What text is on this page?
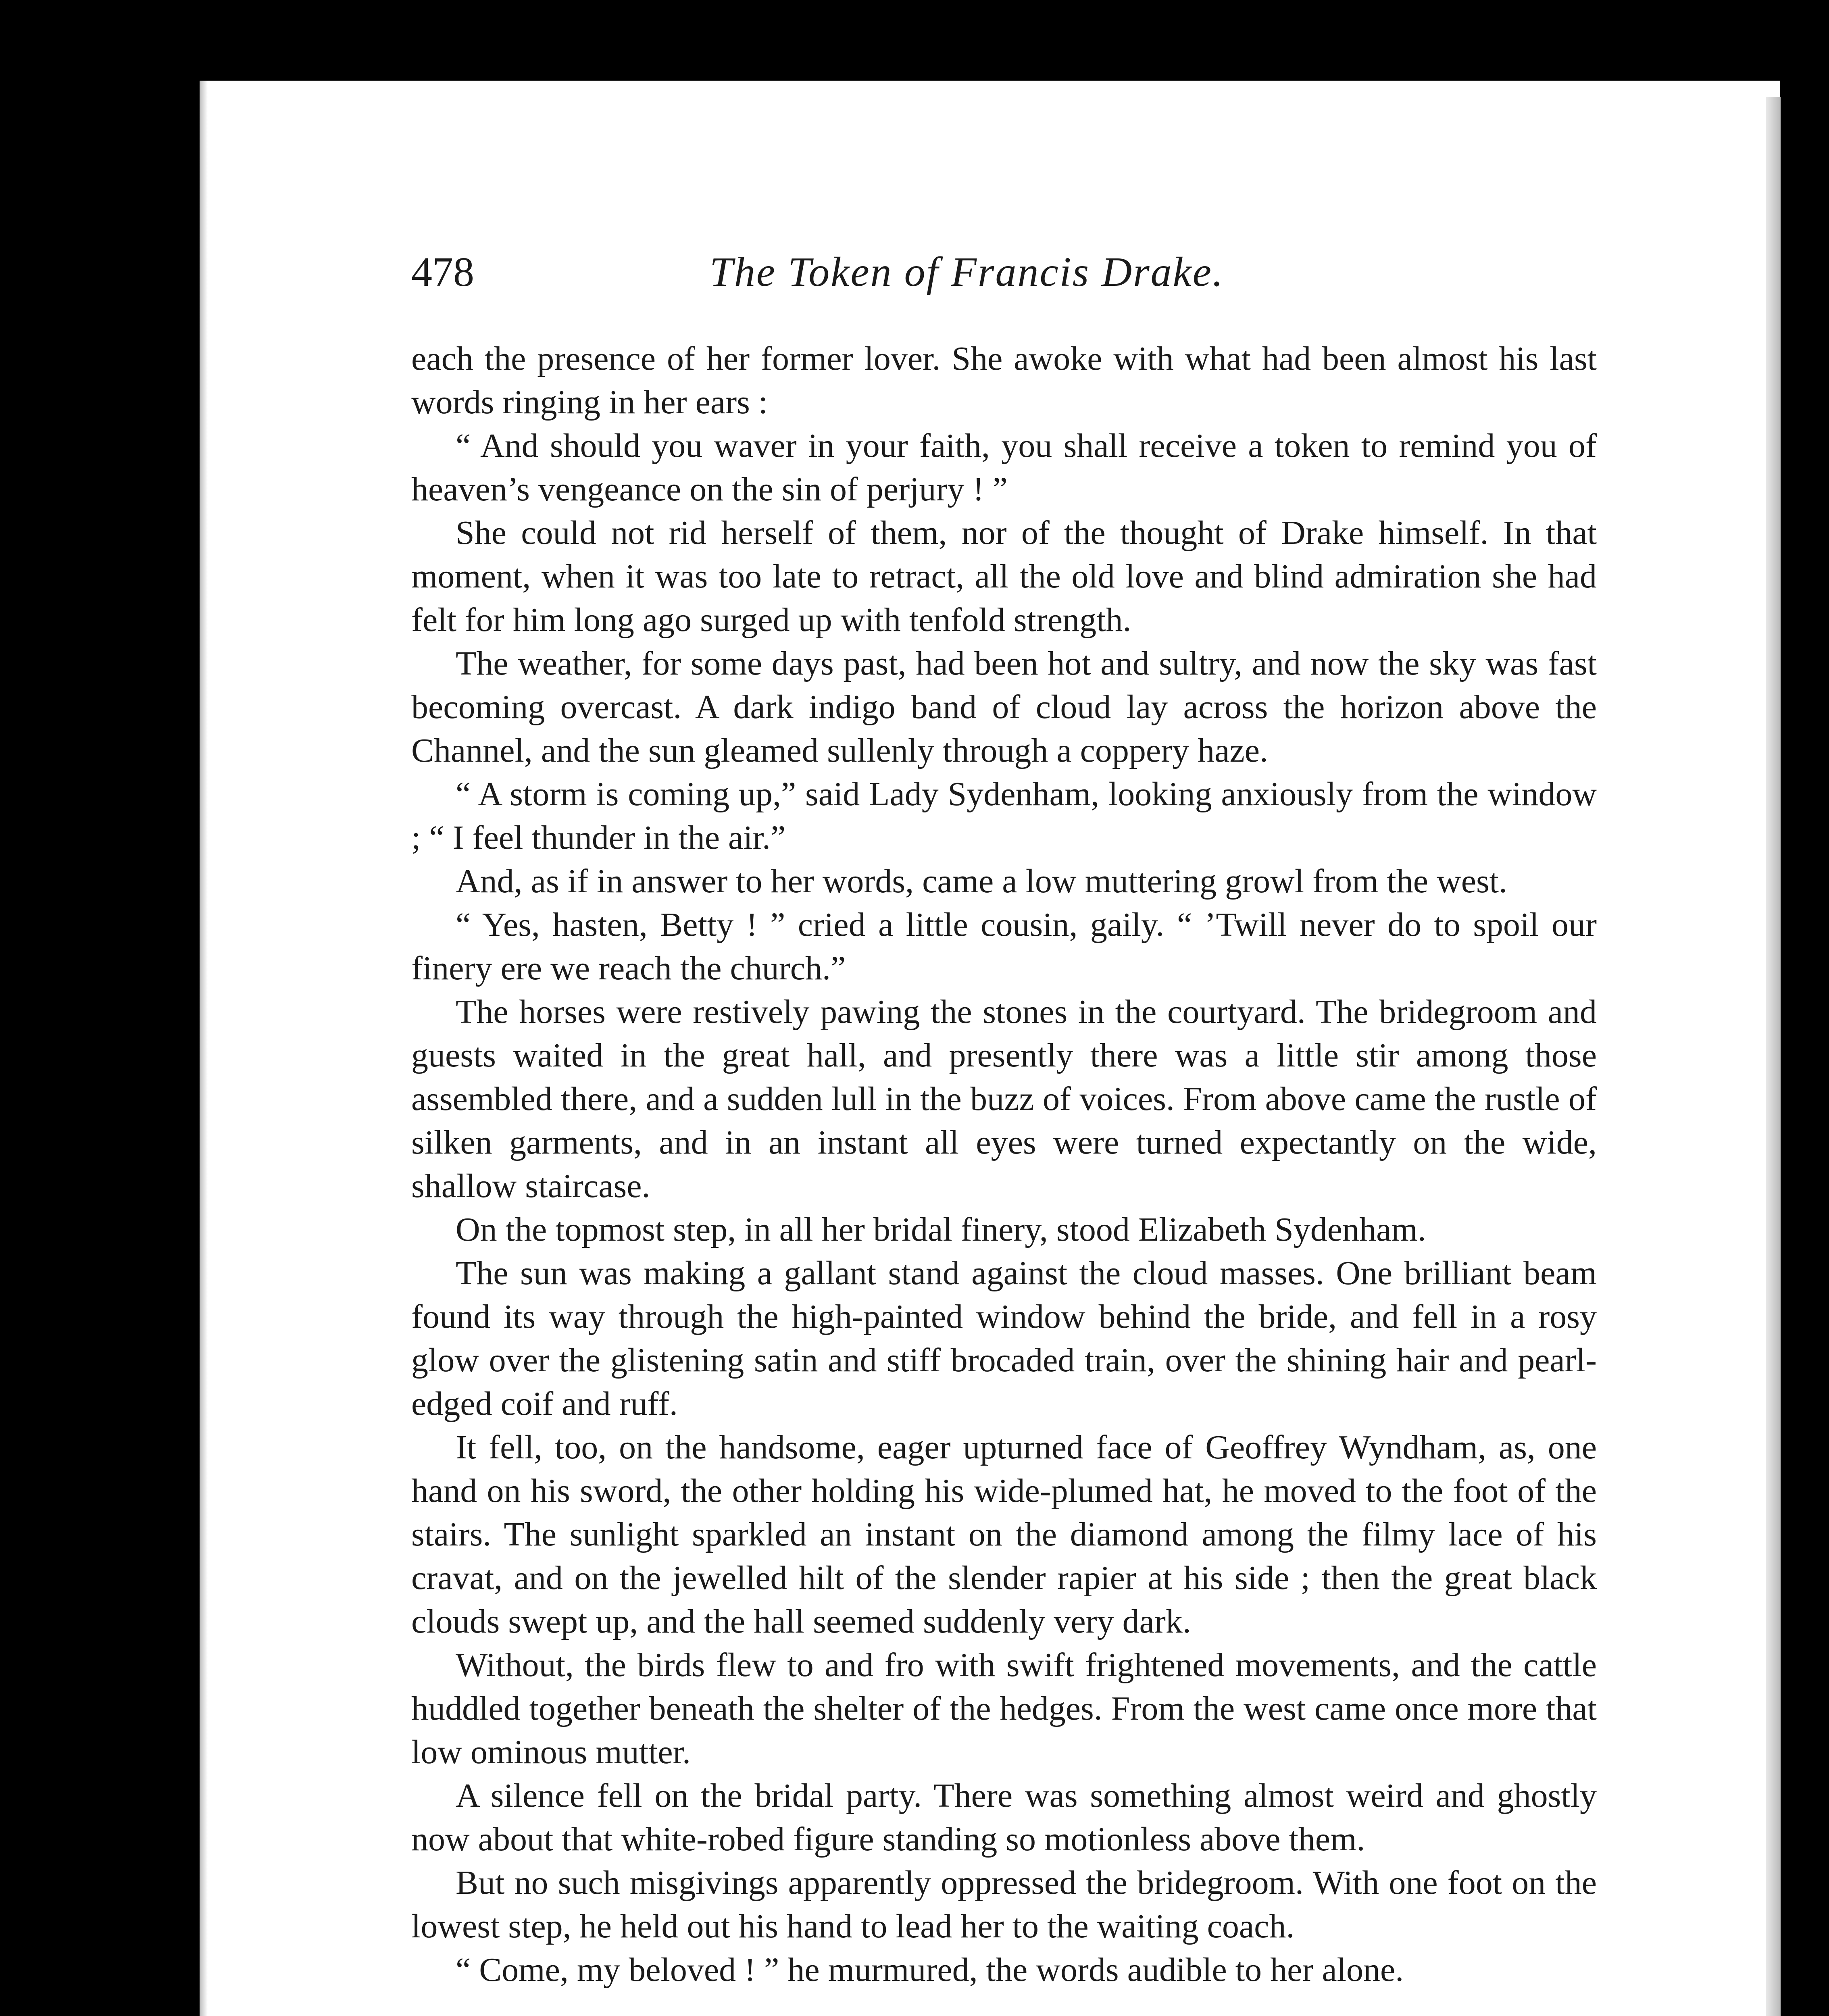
478	The Token of Francis Drake.

each the presence of her former lover. She awoke with what had been almost his last words ringing in her ears :

“ And should you waver in your faith, you shall receive a token to remind you of heaven’s vengeance on the sin of perjury ! ”

She could not rid herself of them, nor of the thought of Drake himself. In that moment, when it was too late to retract, all the old love and blind admiration she had felt for him long ago surged up with tenfold strength.

The weather, for some days past, had been hot and sultry, and now the sky was fast becoming overcast. A dark indigo band of cloud lay across the horizon above the Channel, and the sun gleamed sullenly through a coppery haze.

“ A storm is coming up,” said Lady Sydenham, looking anxiously from the window ; “ I feel thunder in the air.”

And, as if in answer to her words, came a low muttering growl from the west.

“ Yes, hasten, Betty ! ” cried a little cousin, gaily. “ ’Twill never do to spoil our finery ere we reach the church.”

The horses were restively pawing the stones in the courtyard. The bridegroom and guests waited in the great hall, and presently there was a little stir among those assembled there, and a sudden lull in the buzz of voices. From above came the rustle of silken garments, and in an instant all eyes were turned expectantly on the wide, shallow staircase.

On the topmost step, in all her bridal finery, stood Elizabeth Sydenham.

The sun was making a gallant stand against the cloud masses. One brilliant beam found its way through the high-painted window behind the bride, and fell in a rosy glow over the glistening satin and stiff brocaded train, over the shining hair and pearl-edged coif and ruff.

It fell, too, on the handsome, eager upturned face of Geoffrey Wyndham, as, one hand on his sword, the other holding his wide-plumed hat, he moved to the foot of the stairs. The sunlight sparkled an instant on the diamond among the filmy lace of his cravat, and on the jewelled hilt of the slender rapier at his side ; then the great black clouds swept up, and the hall seemed suddenly very dark.

Without, the birds flew to and fro with swift frightened movements, and the cattle huddled together beneath the shelter of the hedges. From the west came once more that low ominous mutter.

A silence fell on the bridal party. There was something almost weird and ghostly now about that white-robed figure standing so motionless above them.

But no such misgivings apparently oppressed the bridegroom. With one foot on the lowest step, he held out his hand to lead her to the waiting coach.

“ Come, my beloved ! ” he murmured, the words audible to her alone.
